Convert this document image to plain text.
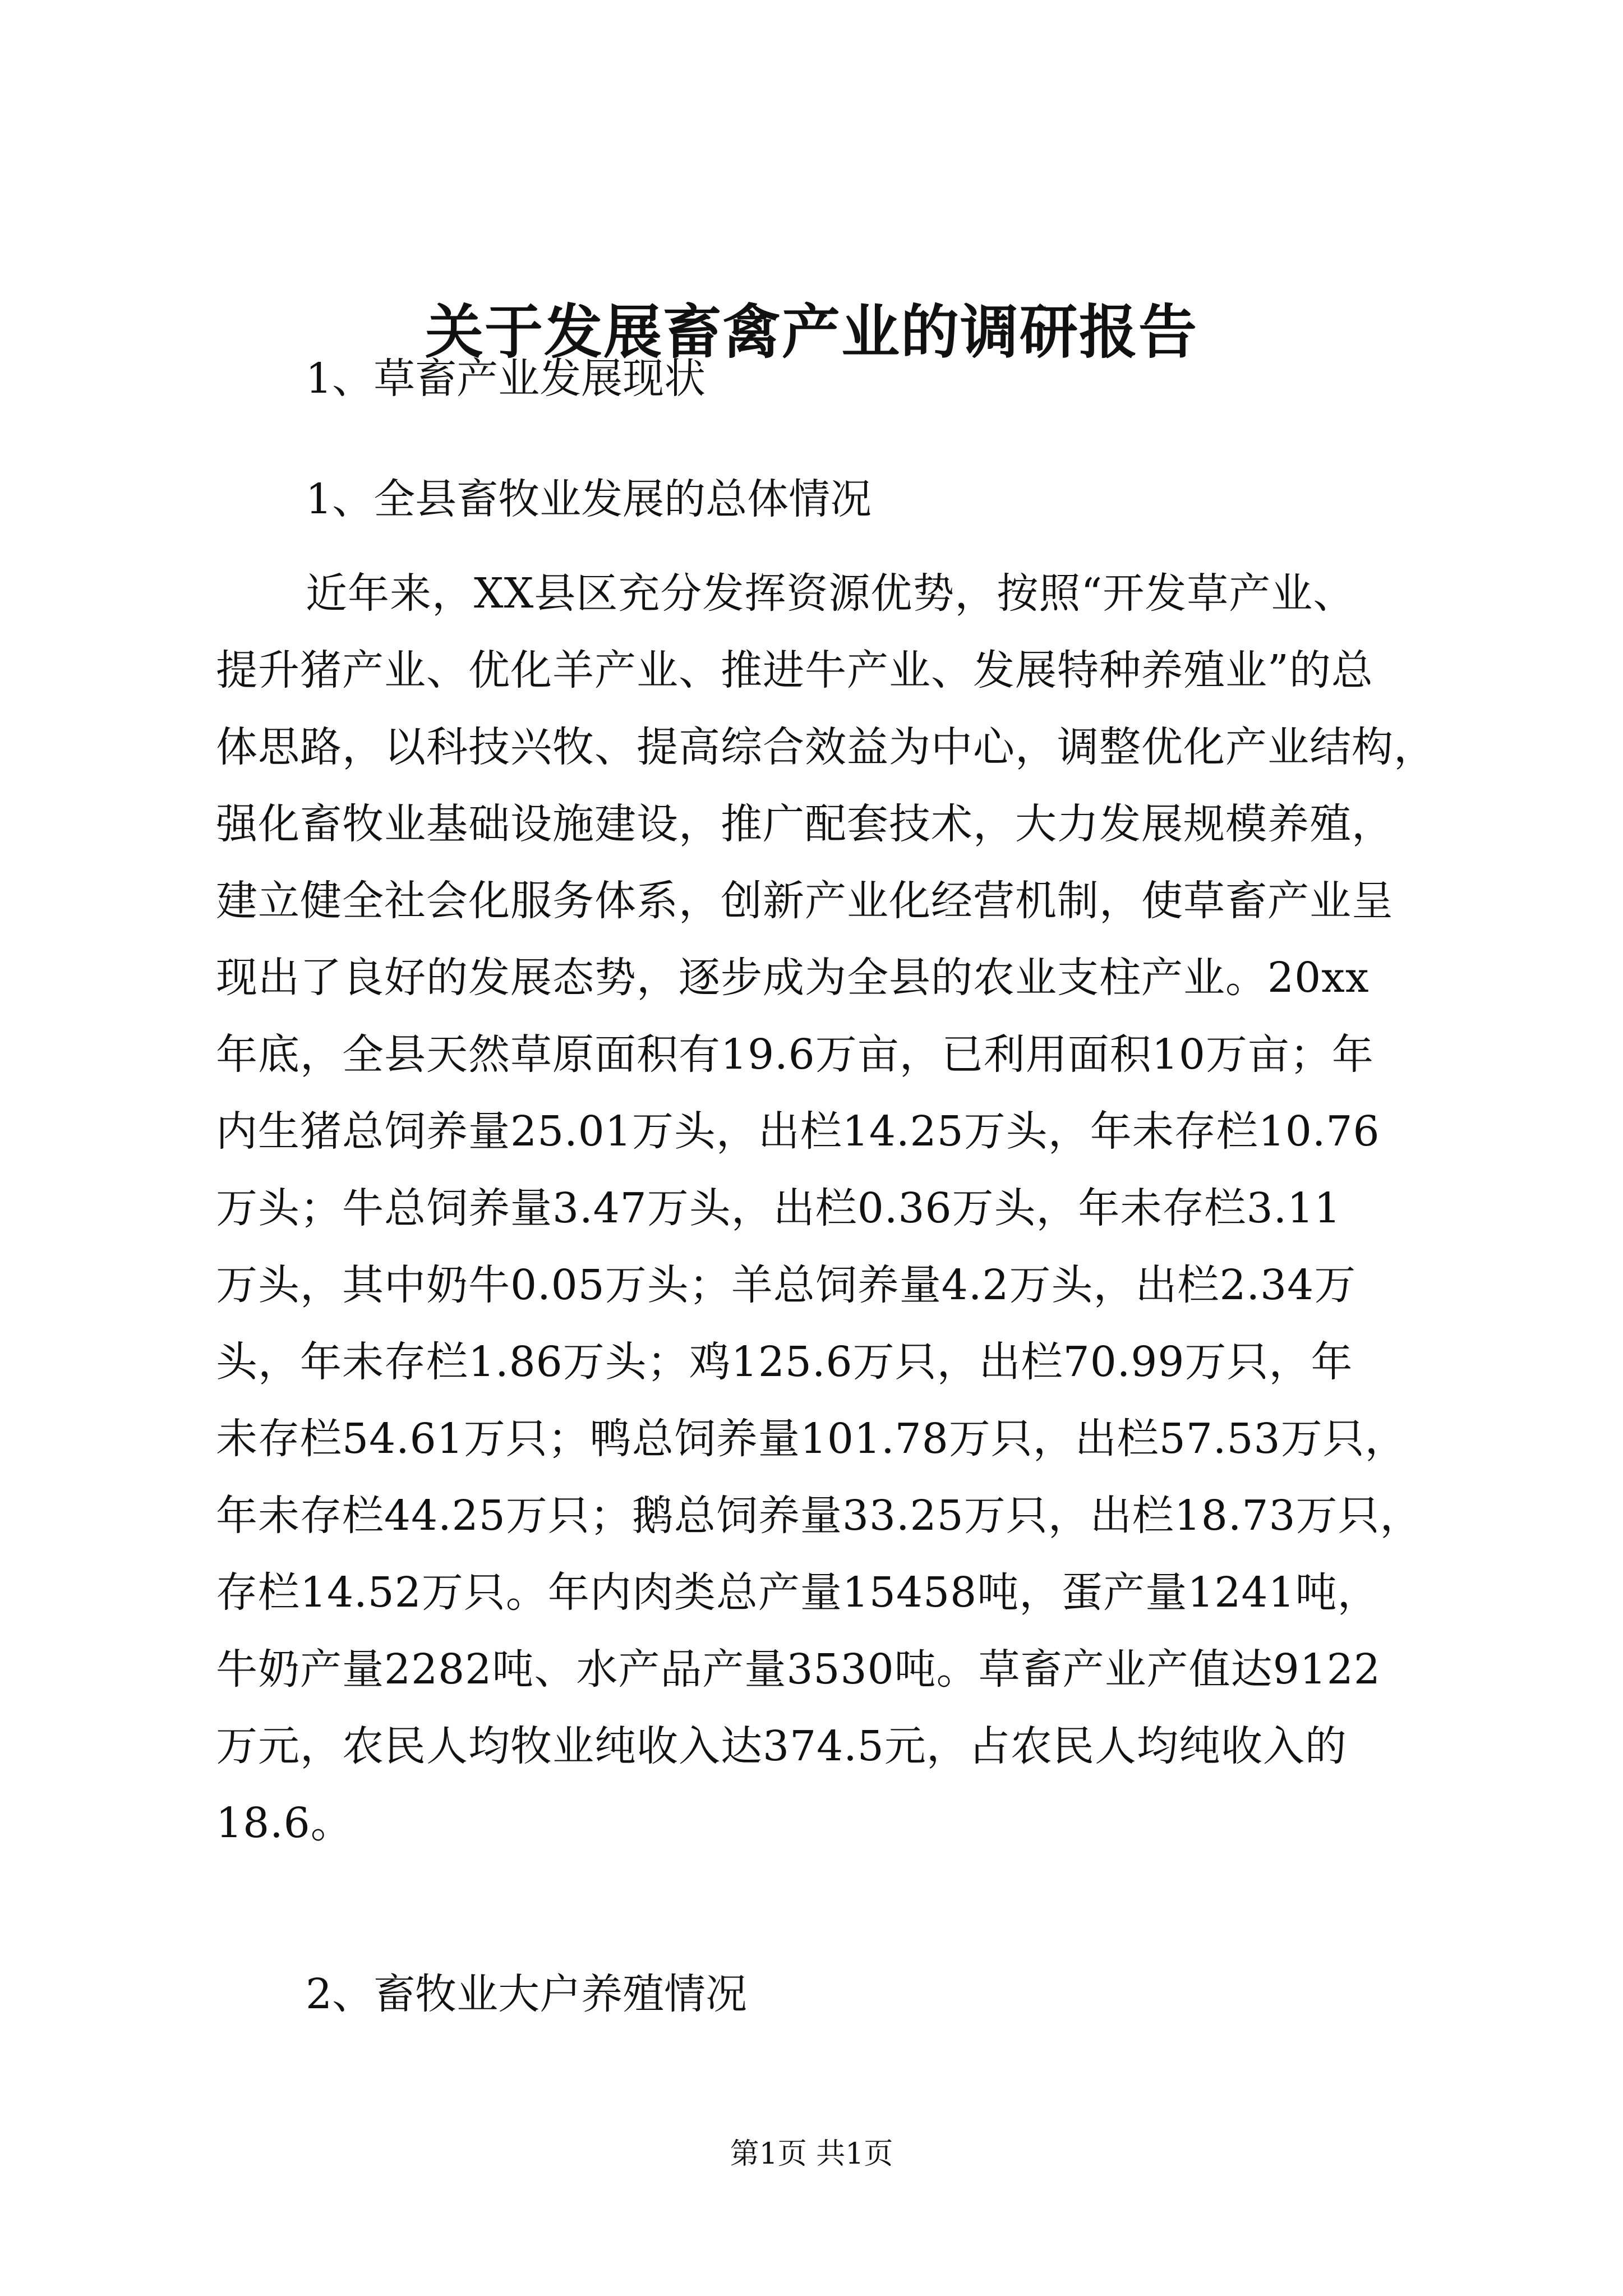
关于发展畜禽产业的调研报告
1、草畜产业发展现状
1、全县畜牧业发展的总体情况
近年来，XX县区充分发挥资源优势，按照“开发草产业、
提升猪产业、优化羊产业、推进牛产业、发展特种养殖业”的总
体思路，以科技兴牧、提高综合效益为中心，调整优化产业结构，
强化畜牧业基础设施建设，推广配套技术，大力发展规模养殖，
建立健全社会化服务体系，创新产业化经营机制，使草畜产业呈
现出了良好的发展态势，逐步成为全县的农业支柱产业。20xx
年底，全县天然草原面积有19.6万亩，已利用面积10万亩；年
内生猪总饲养量25.01万头，出栏14.25万头，年未存栏10.76
万头；牛总饲养量3.47万头，出栏0.36万头，年未存栏3.11
万头，其中奶牛0.05万头；羊总饲养量4.2万头，出栏2.34万
头，年未存栏1.86万头；鸡125.6万只，出栏70.99万只，年
未存栏54.61万只；鸭总饲养量101.78万只，出栏57.53万只，
年未存栏44.25万只；鹅总饲养量33.25万只，出栏18.73万只，
存栏14.52万只。年内肉类总产量15458吨，蛋产量1241吨，
牛奶产量2282吨、水产品产量3530吨。草畜产业产值达9122
万元，农民人均牧业纯收入达374.5元，占农民人均纯收入的
18.6。
2、畜牧业大户养殖情况
第1页 共1页
